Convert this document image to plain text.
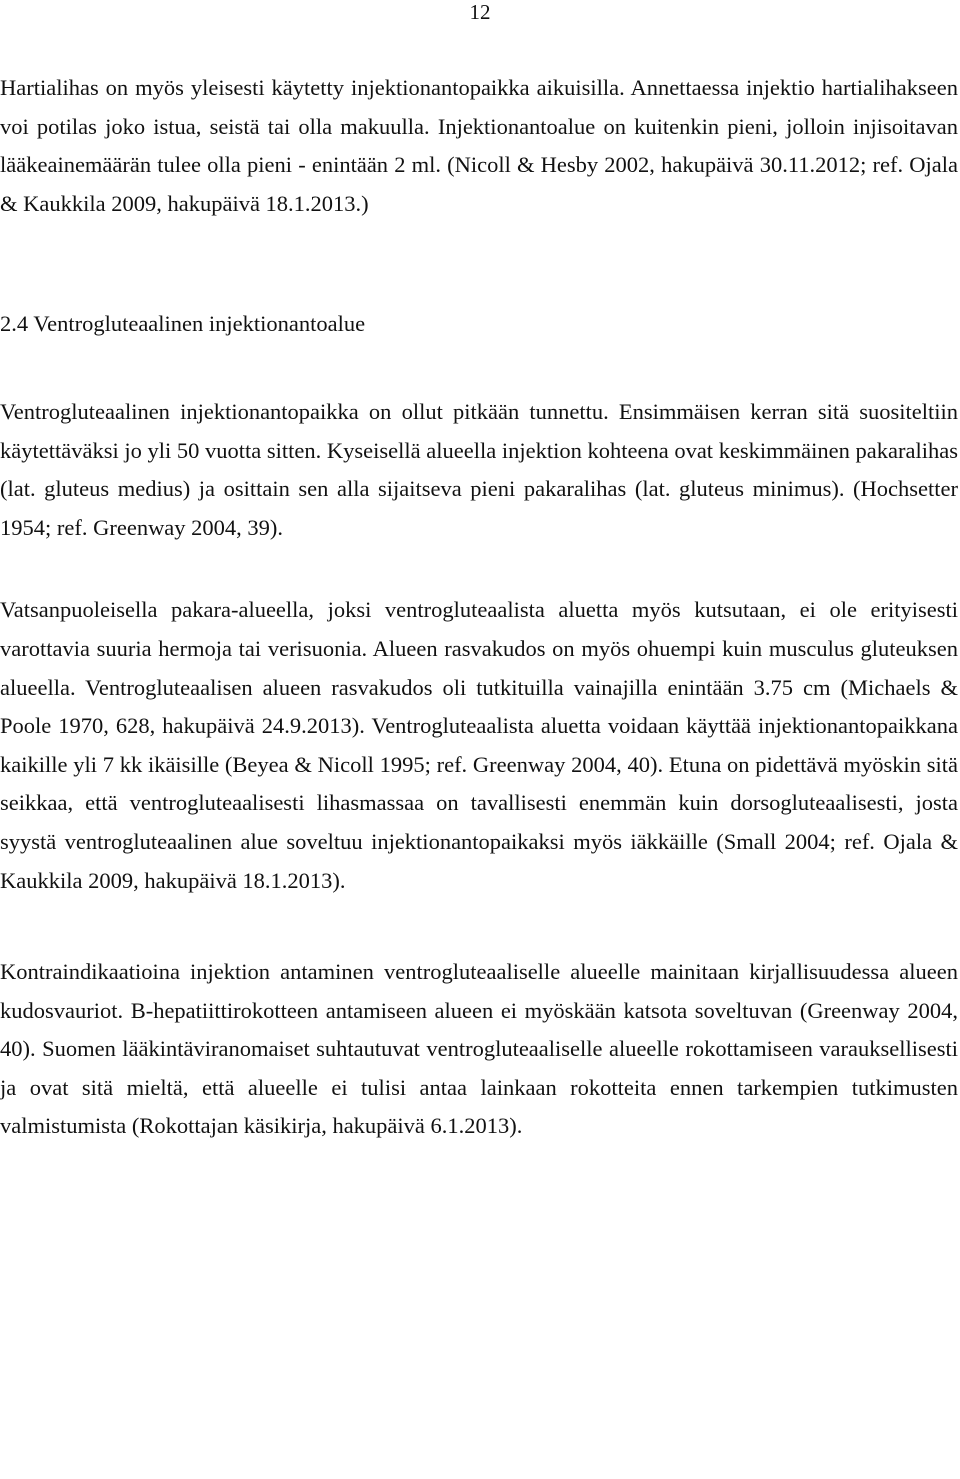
12

Hartialihas on myös yleisesti käytetty injektionantopaikka aikuisilla. Annettaessa injektio hartialihakseen voi potilas joko istua, seistä tai olla makuulla. Injektionantoalue on kuitenkin pieni, jolloin injisoitavan lääkeainemäärän tulee olla pieni - enintään 2 ml. (Nicoll & Hesby 2002, hakupäivä 30.11.2012; ref. Ojala & Kaukkila 2009, hakupäivä 18.1.2013.)

2.4 Ventrogluteaalinen injektionantoalue

Ventrogluteaalinen injektionantopaikka on ollut pitkään tunnettu. Ensimmäisen kerran sitä suositeltiin käytettäväksi jo yli 50 vuotta sitten. Kyseisellä alueella injektion kohteena ovat keskimmäinen pakaralihas (lat. gluteus medius) ja osittain sen alla sijaitseva pieni pakaralihas (lat. gluteus minimus). (Hochsetter 1954; ref. Greenway 2004, 39).

Vatsanpuoleisella pakara-alueella, joksi ventrogluteaalista aluetta myös kutsutaan, ei ole erityisesti varottavia suuria hermoja tai verisuonia. Alueen rasvakudos on myös ohuempi kuin musculus gluteuksen alueella. Ventrogluteaalisen alueen rasvakudos oli tutkituilla vainajilla enintään 3.75 cm (Michaels & Poole 1970, 628, hakupäivä 24.9.2013). Ventrogluteaalista aluetta voidaan käyttää injektionantopaikkana kaikille yli 7 kk ikäisille (Beyea & Nicoll 1995; ref. Greenway 2004, 40). Etuna on pidettävä myöskin sitä seikkaa, että ventrogluteaalisesti lihasmassaa on tavallisesti enemmän kuin dorsogluteaalisesti, josta syystä ventrogluteaalinen alue soveltuu injektionantopaikaksi myös iäkkäille (Small 2004; ref. Ojala & Kaukkila 2009, hakupäivä 18.1.2013).

Kontraindikaatioina injektion antaminen ventrogluteaaliselle alueelle mainitaan kirjallisuudessa alueen kudosvauriot. B-hepatiittirokotteen antamiseen alueen ei myöskään katsota soveltuvan (Greenway 2004, 40). Suomen lääkintäviranomaiset suhtautuvat ventrogluteaaliselle alueelle rokottamiseen varauksellisesti ja ovat sitä mieltä, että alueelle ei tulisi antaa lainkaan rokotteita ennen tarkempien tutkimusten valmistumista (Rokottajan käsikirja, hakupäivä 6.1.2013).
